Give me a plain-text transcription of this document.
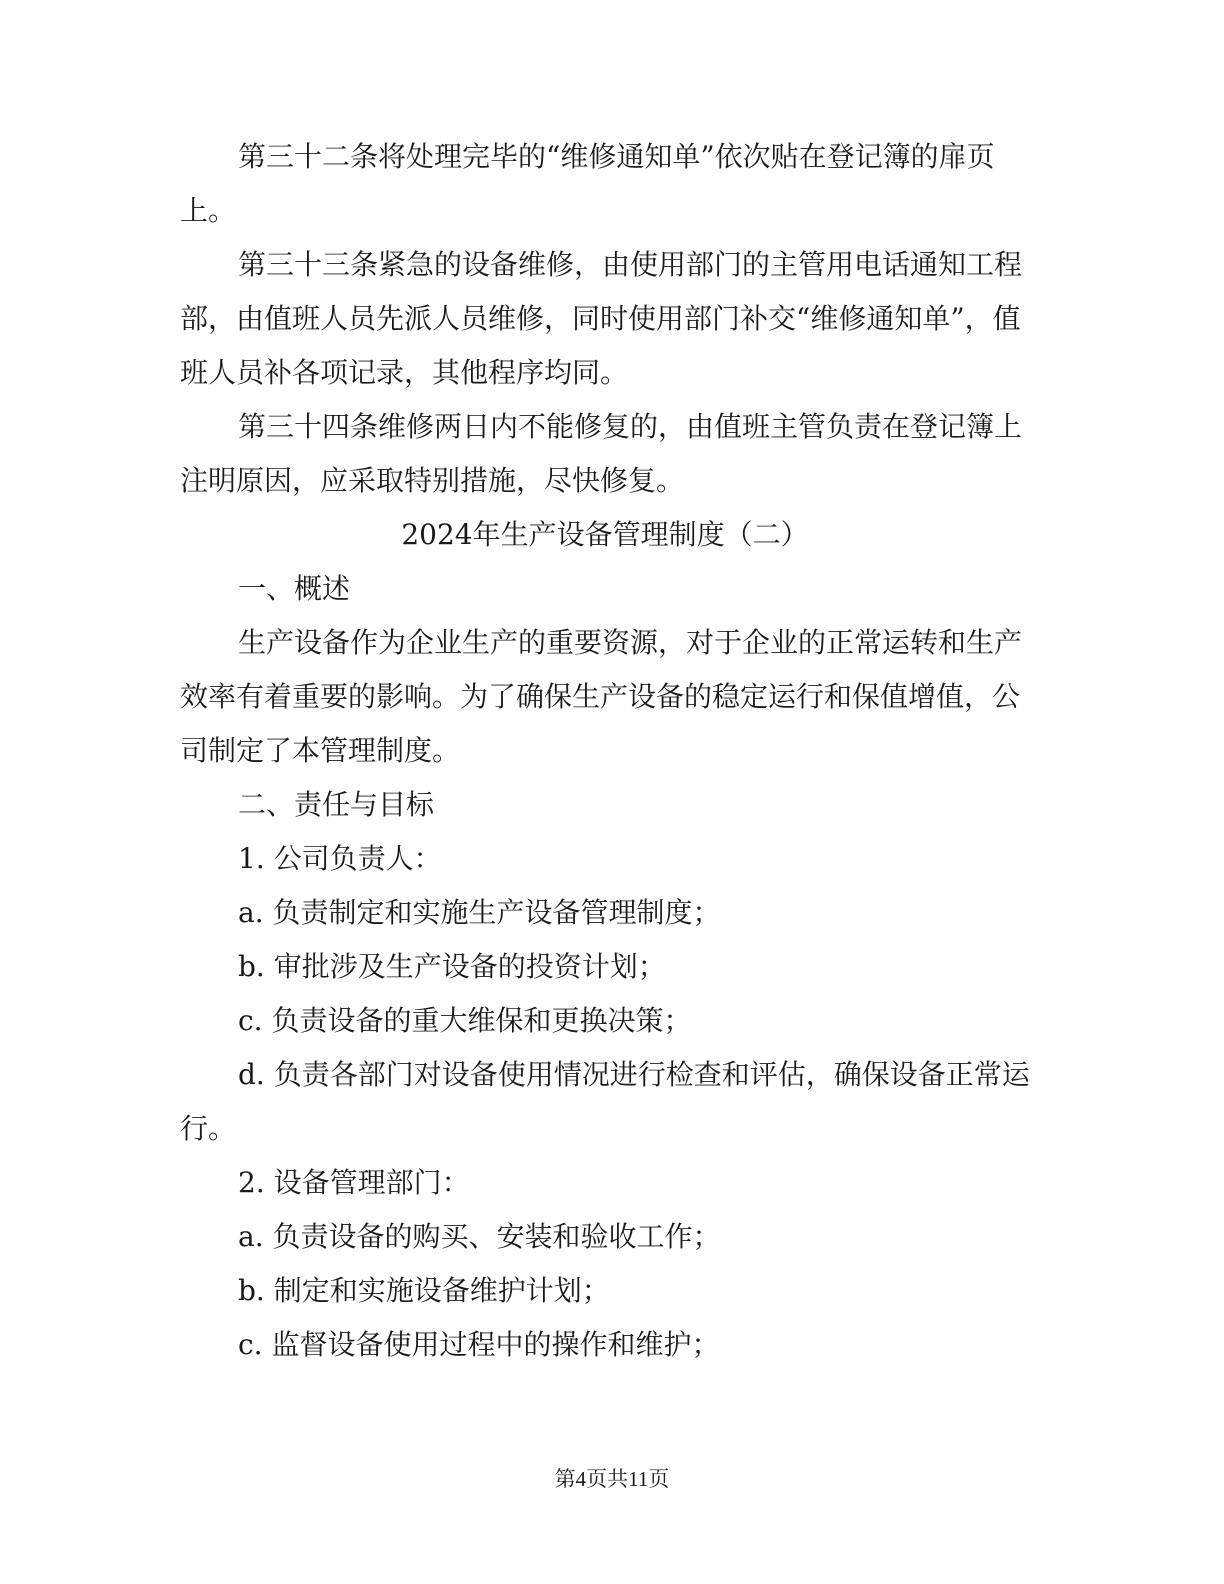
第三十二条将处理完毕的“维修通知单”依次贴在登记簿的扉页上。

第三十三条紧急的设备维修，由使用部门的主管用电话通知工程部，由值班人员先派人员维修，同时使用部门补交“维修通知单”，值班人员补各项记录，其他程序均同。

第三十四条维修两日内不能修复的，由值班主管负责在登记簿上注明原因，应采取特别措施，尽快修复。

2024年生产设备管理制度（二）

一、概述

生产设备作为企业生产的重要资源，对于企业的正常运转和生产效率有着重要的影响。为了确保生产设备的稳定运行和保值增值，公司制定了本管理制度。

二、责任与目标

1. 公司负责人：

a. 负责制定和实施生产设备管理制度；

b. 审批涉及生产设备的投资计划；

c. 负责设备的重大维保和更换决策；

d. 负责各部门对设备使用情况进行检查和评估，确保设备正常运行。

2. 设备管理部门：

a. 负责设备的购买、安装和验收工作；

b. 制定和实施设备维护计划；

c. 监督设备使用过程中的操作和维护；

第4页共11页
